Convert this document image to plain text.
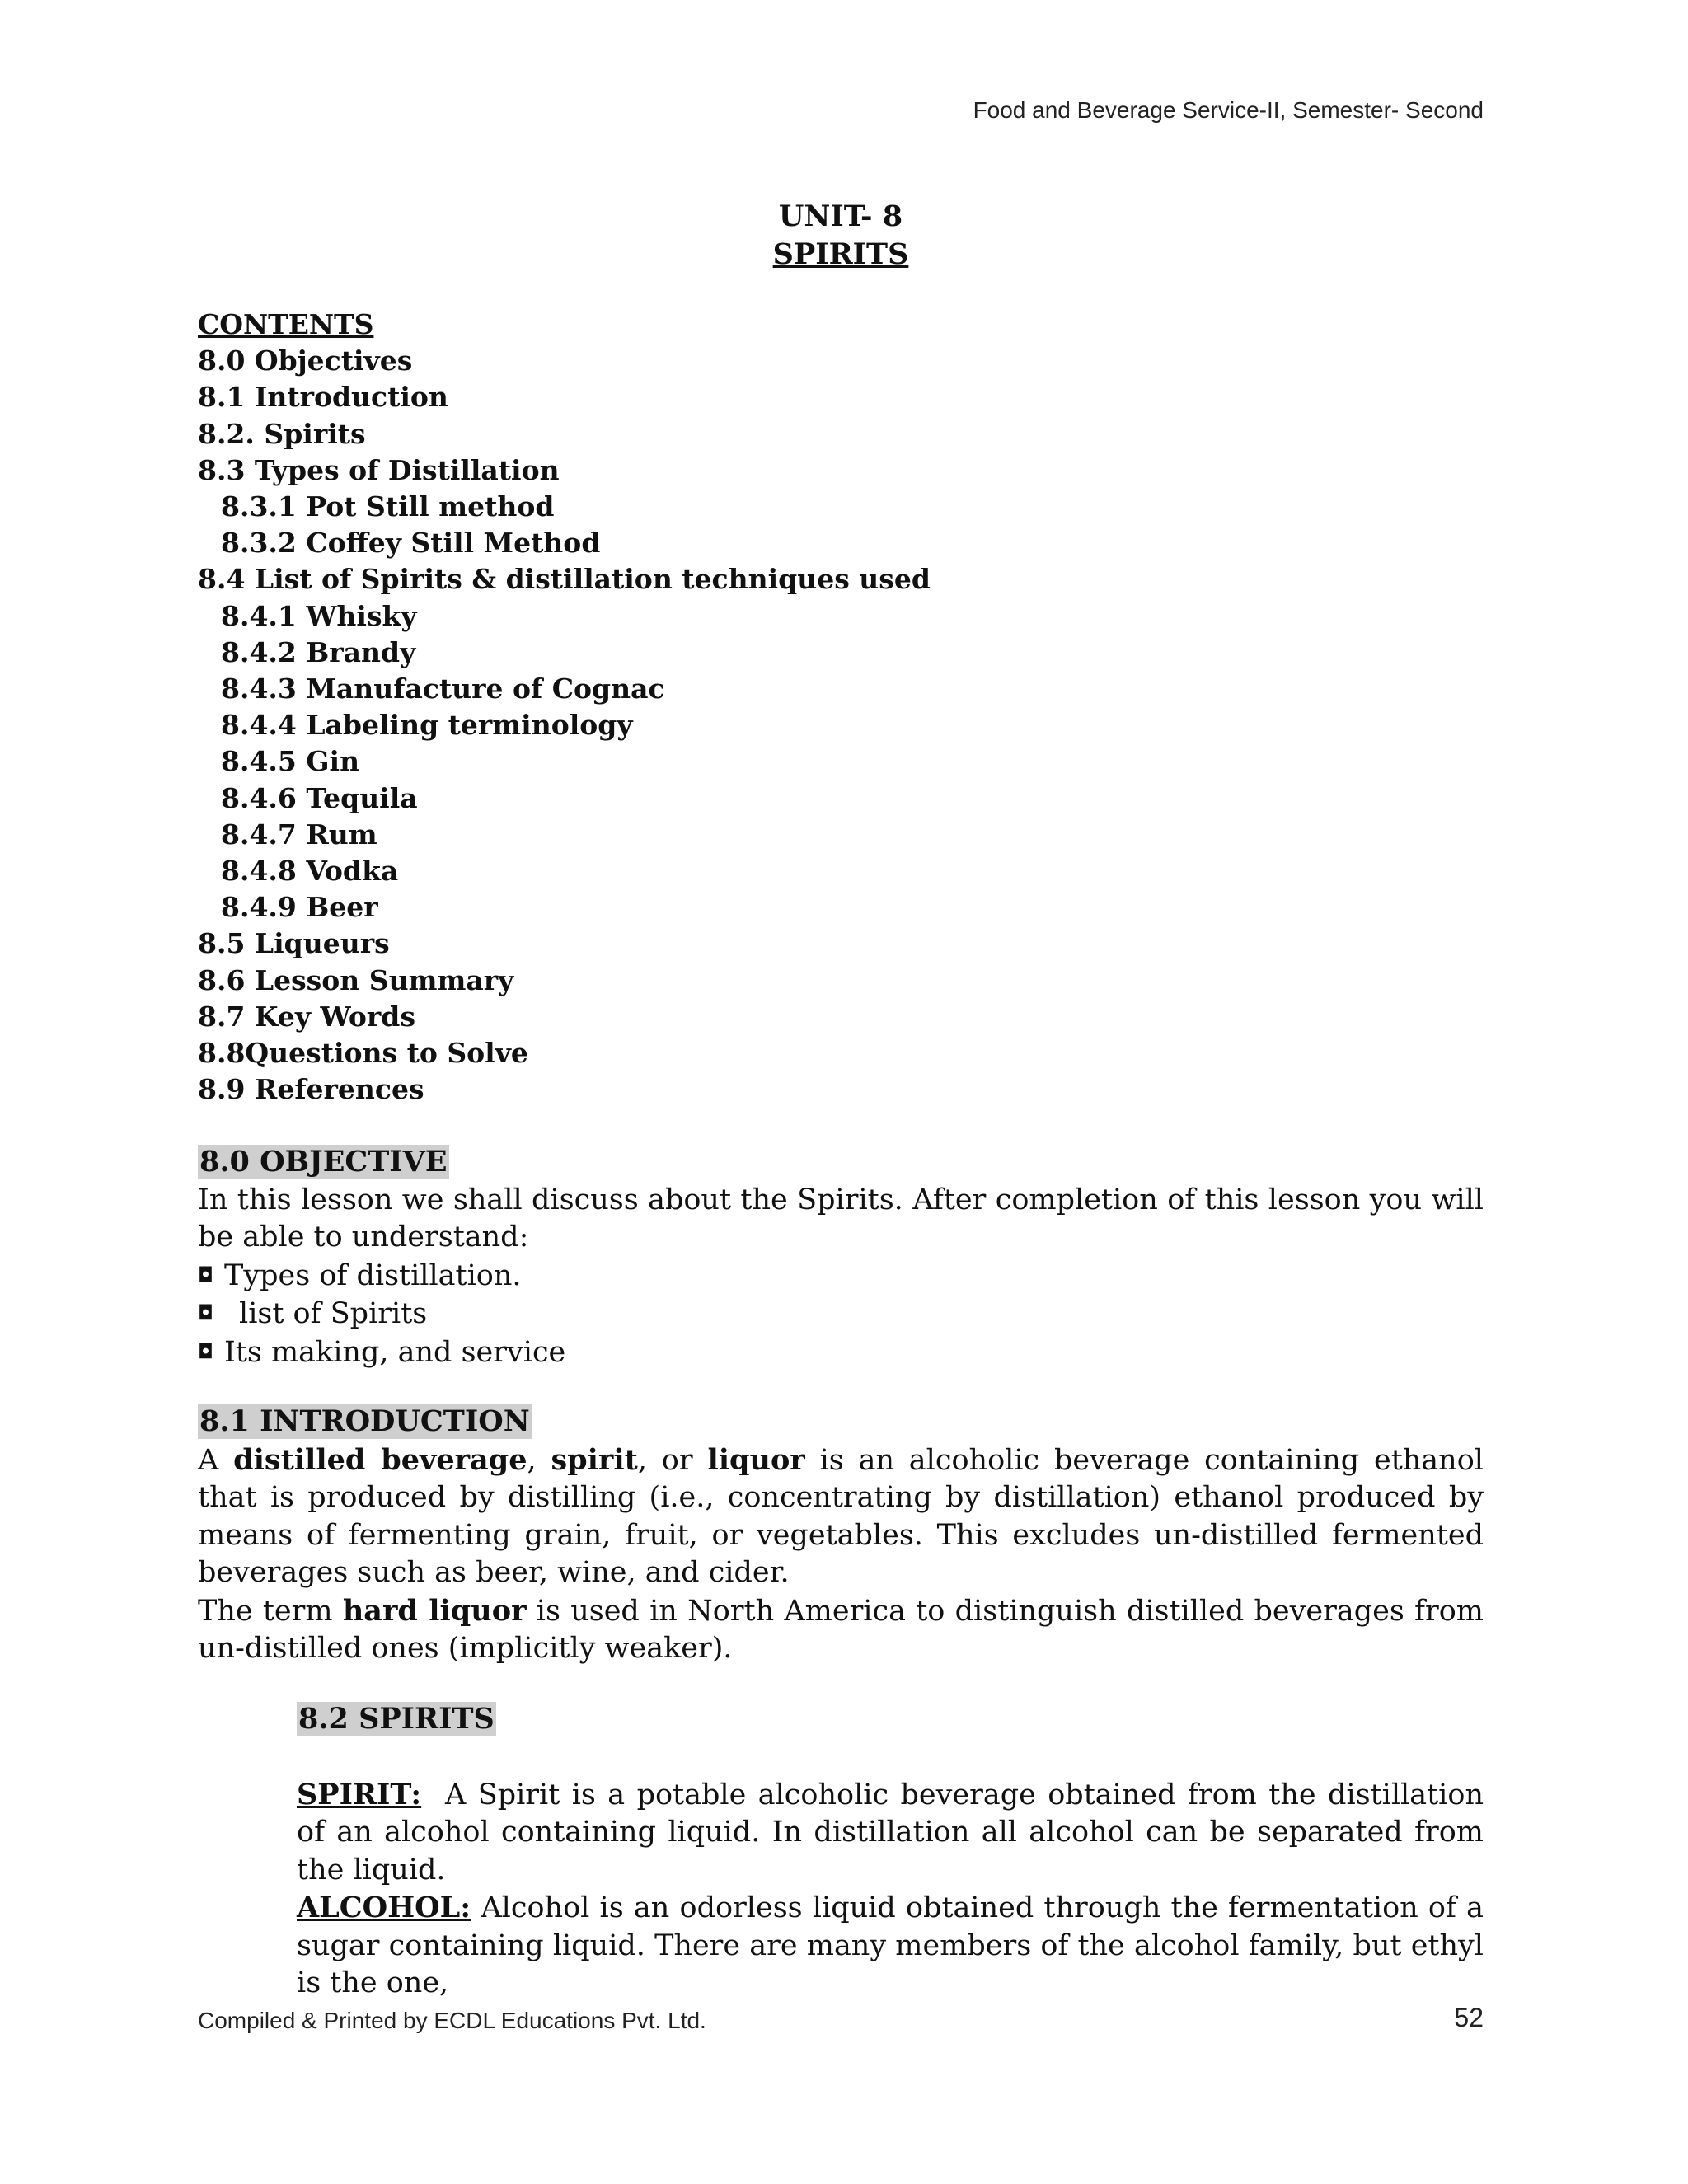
Food and Beverage Service-II, Semester- Second
UNIT- 8
SPIRITS
CONTENTS
8.0 Objectives
8.1 Introduction
8.2. Spirits
8.3 Types of Distillation
8.3.1 Pot Still method
8.3.2 Coffey Still Method
8.4 List of Spirits & distillation techniques used
8.4.1 Whisky
8.4.2 Brandy
8.4.3 Manufacture of Cognac
8.4.4 Labeling terminology
8.4.5 Gin
8.4.6 Tequila
8.4.7 Rum
8.4.8 Vodka
8.4.9 Beer
8.5 Liqueurs
8.6 Lesson Summary
8.7 Key Words
8.8Questions to Solve
8.9 References
8.0 OBJECTIVE
In this lesson we shall discuss about the Spirits. After completion of this lesson you will be able to understand:
◘ Types of distillation.
◘ list of Spirits
◘ Its making, and service
8.1 INTRODUCTION
A distilled beverage, spirit, or liquor is an alcoholic beverage containing ethanol that is produced by distilling (i.e., concentrating by distillation) ethanol produced by means of fermenting grain, fruit, or vegetables. This excludes un-distilled fermented beverages such as beer, wine, and cider.
The term hard liquor is used in North America to distinguish distilled beverages from un-distilled ones (implicitly weaker).
8.2 SPIRITS
SPIRIT: A Spirit is a potable alcoholic beverage obtained from the distillation of an alcohol containing liquid. In distillation all alcohol can be separated from the liquid.
ALCOHOL: Alcohol is an odorless liquid obtained through the fermentation of a sugar containing liquid. There are many members of the alcohol family, but ethyl is the one,
Compiled & Printed by ECDL Educations Pvt. Ltd.	52
